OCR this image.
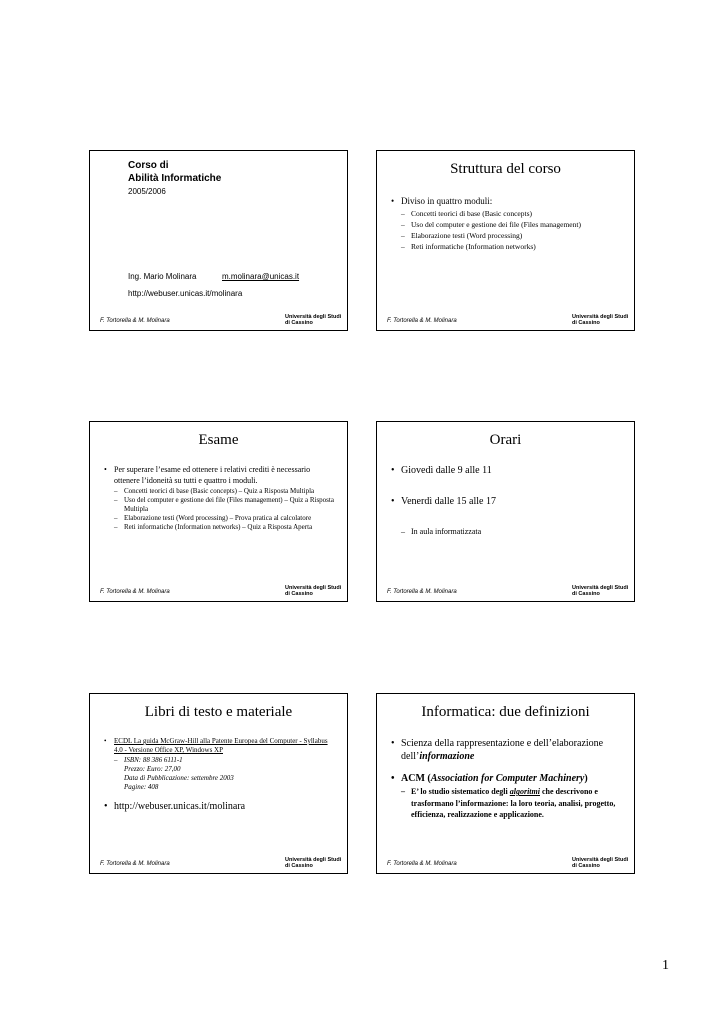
Corso di
Abilità Informatiche
2005/2006
Ing. Mario Molinara	m.molinara@unicas.it
http://webuser.unicas.it/molinara
F. Tortorella & M. Molinara
Università degli Studi
di Cassino
Struttura del corso
• Diviso in quattro moduli:
– Concetti teorici di base (Basic concepts)
– Uso del computer e gestione dei file (Files management)
– Elaborazione testi (Word processing)
– Reti informatiche (Information networks)
F. Tortorella & M. Molinara
Università degli Studi
di Cassino
Esame
• Per superare l’esame ed ottenere i relativi crediti è necessario ottenere l’idoneità su tutti e quattro i moduli.
– Concetti teorici di base (Basic concepts) – Quiz a Risposta Multipla
– Uso del computer e gestione dei file (Files management) – Quiz a Risposta Multipla
– Elaborazione testi (Word processing) – Prova pratica al calcolatore
– Reti informatiche (Information networks) – Quiz a Risposta Aperta
F. Tortorella & M. Molinara
Università degli Studi
di Cassino
Orari
• Giovedì dalle 9 alle 11
• Venerdì dalle 15 alle 17
– In aula informatizzata
F. Tortorella & M. Molinara
Università degli Studi
di Cassino
Libri di testo e materiale
• ECDL La guida McGraw-Hill alla Patente Europea del Computer - Syllabus 4.0 - Versione Office XP, Windows XP
– ISBN: 88 386 6111-1
Prezzo: Euro: 27,00
Data di Pubblicazione: settembre 2003
Pagine: 408
• http://webuser.unicas.it/molinara
F. Tortorella & M. Molinara
Università degli Studi
di Cassino
Informatica: due definizioni
• Scienza della rappresentazione e dell’elaborazione dell’informazione
• ACM (Association for Computer Machinery)
– E’ lo studio sistematico degli algoritmi che descrivono e trasformano l’informazione: la loro teoria, analisi, progetto, efficienza, realizzazione e applicazione.
F. Tortorella & M. Molinara
Università degli Studi
di Cassino
1
